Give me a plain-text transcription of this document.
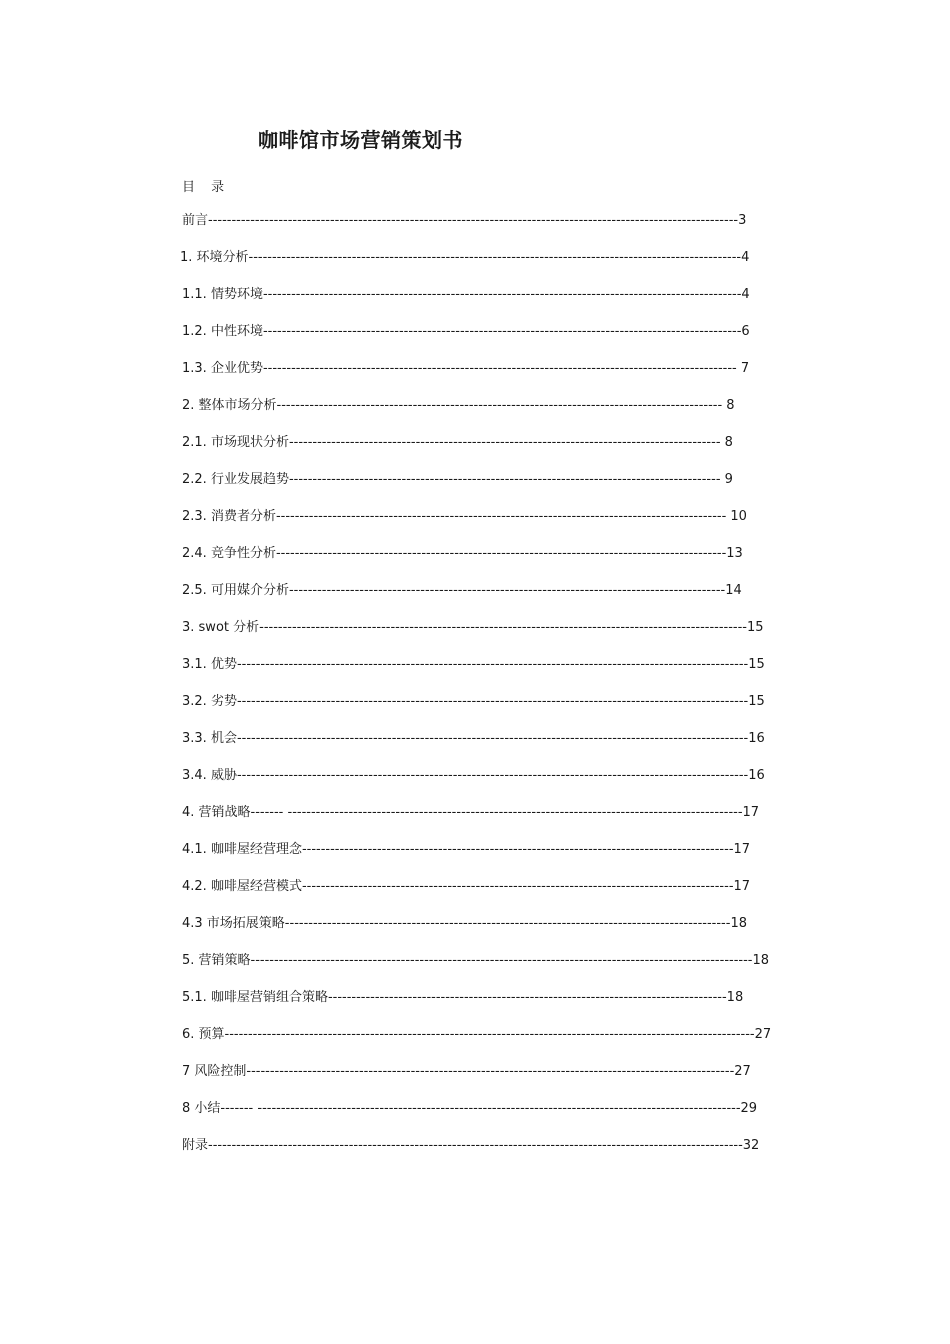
咖啡馆市场营销策划书
目 录
前言-----------------------------------------------------------------------------------------------------------------3
1. 环境分析---------------------------------------------------------------------------------------------------------4
1.1. 情势环境------------------------------------------------------------------------------------------------------4
1.2. 中性环境------------------------------------------------------------------------------------------------------6
1.3. 企业优势----------------------------------------------------------------------------------------------------- 7
2. 整体市场分析----------------------------------------------------------------------------------------------- 8
2.1. 市场现状分析-------------------------------------------------------------------------------------------- 8
2.2. 行业发展趋势-------------------------------------------------------------------------------------------- 9
2.3. 消费者分析------------------------------------------------------------------------------------------------ 10
2.4. 竞争性分析------------------------------------------------------------------------------------------------13
2.5. 可用媒介分析---------------------------------------------------------------------------------------------14
3. swot 分析--------------------------------------------------------------------------------------------------------15
3.1. 优势-------------------------------------------------------------------------------------------------------------15
3.2. 劣势-------------------------------------------------------------------------------------------------------------15
3.3. 机会-------------------------------------------------------------------------------------------------------------16
3.4. 威胁-------------------------------------------------------------------------------------------------------------16
4. 营销战略------- -------------------------------------------------------------------------------------------------17
4.1. 咖啡屋经营理念--------------------------------------------------------------------------------------------17
4.2. 咖啡屋经营模式--------------------------------------------------------------------------------------------17
4.3 市场拓展策略-----------------------------------------------------------------------------------------------18
5. 营销策略-----------------------------------------------------------------------------------------------------------18
5.1. 咖啡屋营销组合策略-------------------------------------------------------------------------------------18
6. 预算-----------------------------------------------------------------------------------------------------------------27
7 风险控制--------------------------------------------------------------------------------------------------------27
8 小结------- -------------------------------------------------------------------------------------------------------29
附录------------------------------------------------------------------------------------------------------------------32
